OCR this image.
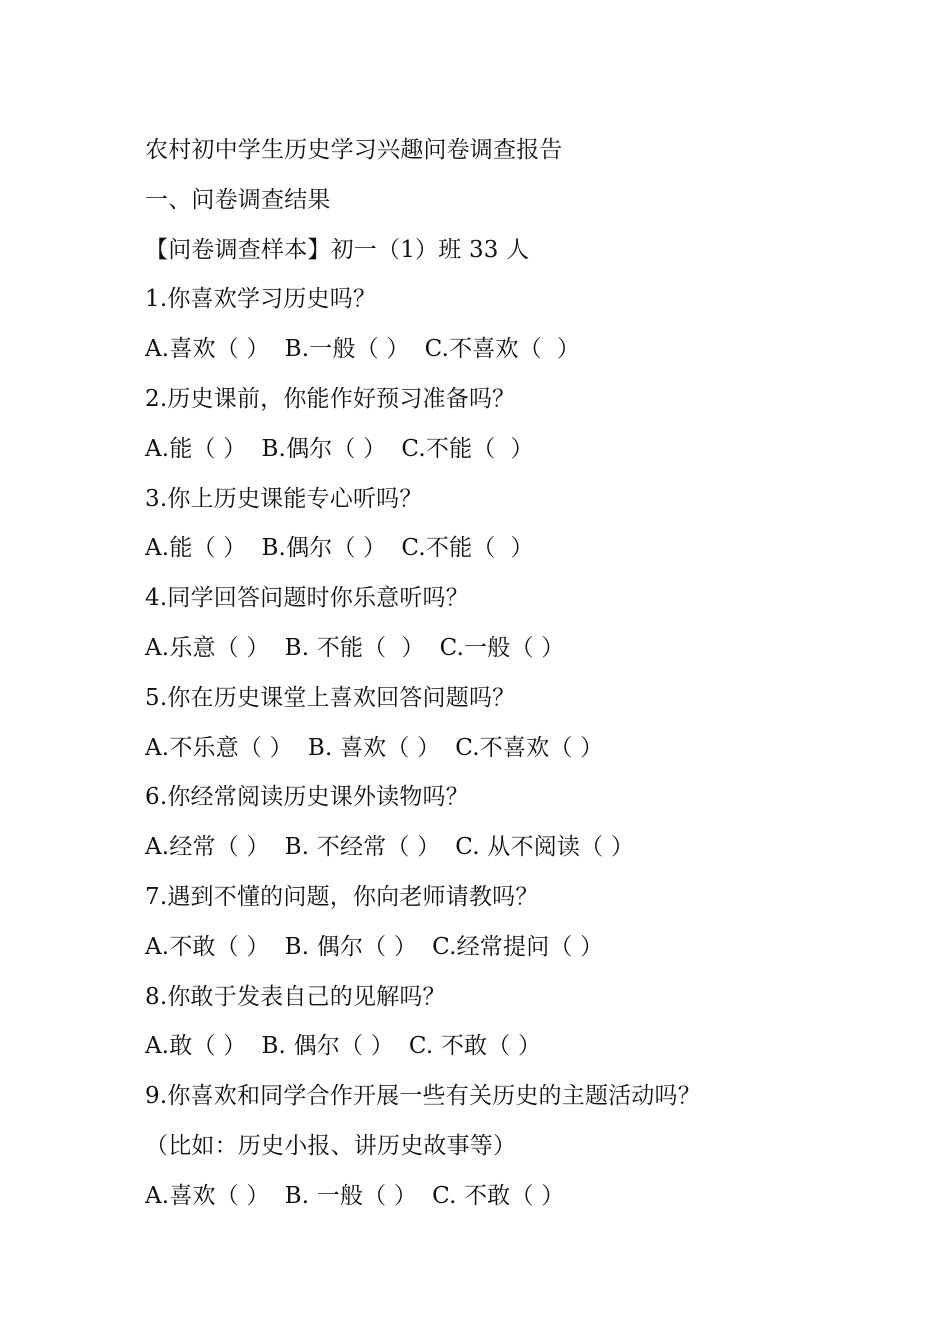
农村初中学生历史学习兴趣问卷调查报告
一、问卷调查结果
【问卷调查样本】初一（1）班 33 人
1.你喜欢学习历史吗？
A.喜欢（ ）  B.一般（ ）  C.不喜欢（  ）
2.历史课前，你能作好预习准备吗？
A.能（ ）  B.偶尔（ ）  C.不能（  ）
3.你上历史课能专心听吗？
A.能（ ）  B.偶尔（ ）  C.不能（  ）
4.同学回答问题时你乐意听吗？
A.乐意（ ）  B. 不能（  ）  C.一般（ ）
5.你在历史课堂上喜欢回答问题吗？
A.不乐意（ ）  B. 喜欢（ ）  C.不喜欢（ ）
6.你经常阅读历史课外读物吗？
A.经常（ ）  B. 不经常（ ）  C. 从不阅读（ ）
7.遇到不懂的问题，你向老师请教吗？
A.不敢（ ）  B. 偶尔（ ）  C.经常提问（ ）
8.你敢于发表自己的见解吗？
A.敢（ ）  B. 偶尔（ ）  C. 不敢（ ）
9.你喜欢和同学合作开展一些有关历史的主题活动吗？
（比如：历史小报、讲历史故事等）
A.喜欢（ ）  B. 一般（ ）  C. 不敢（ ）
